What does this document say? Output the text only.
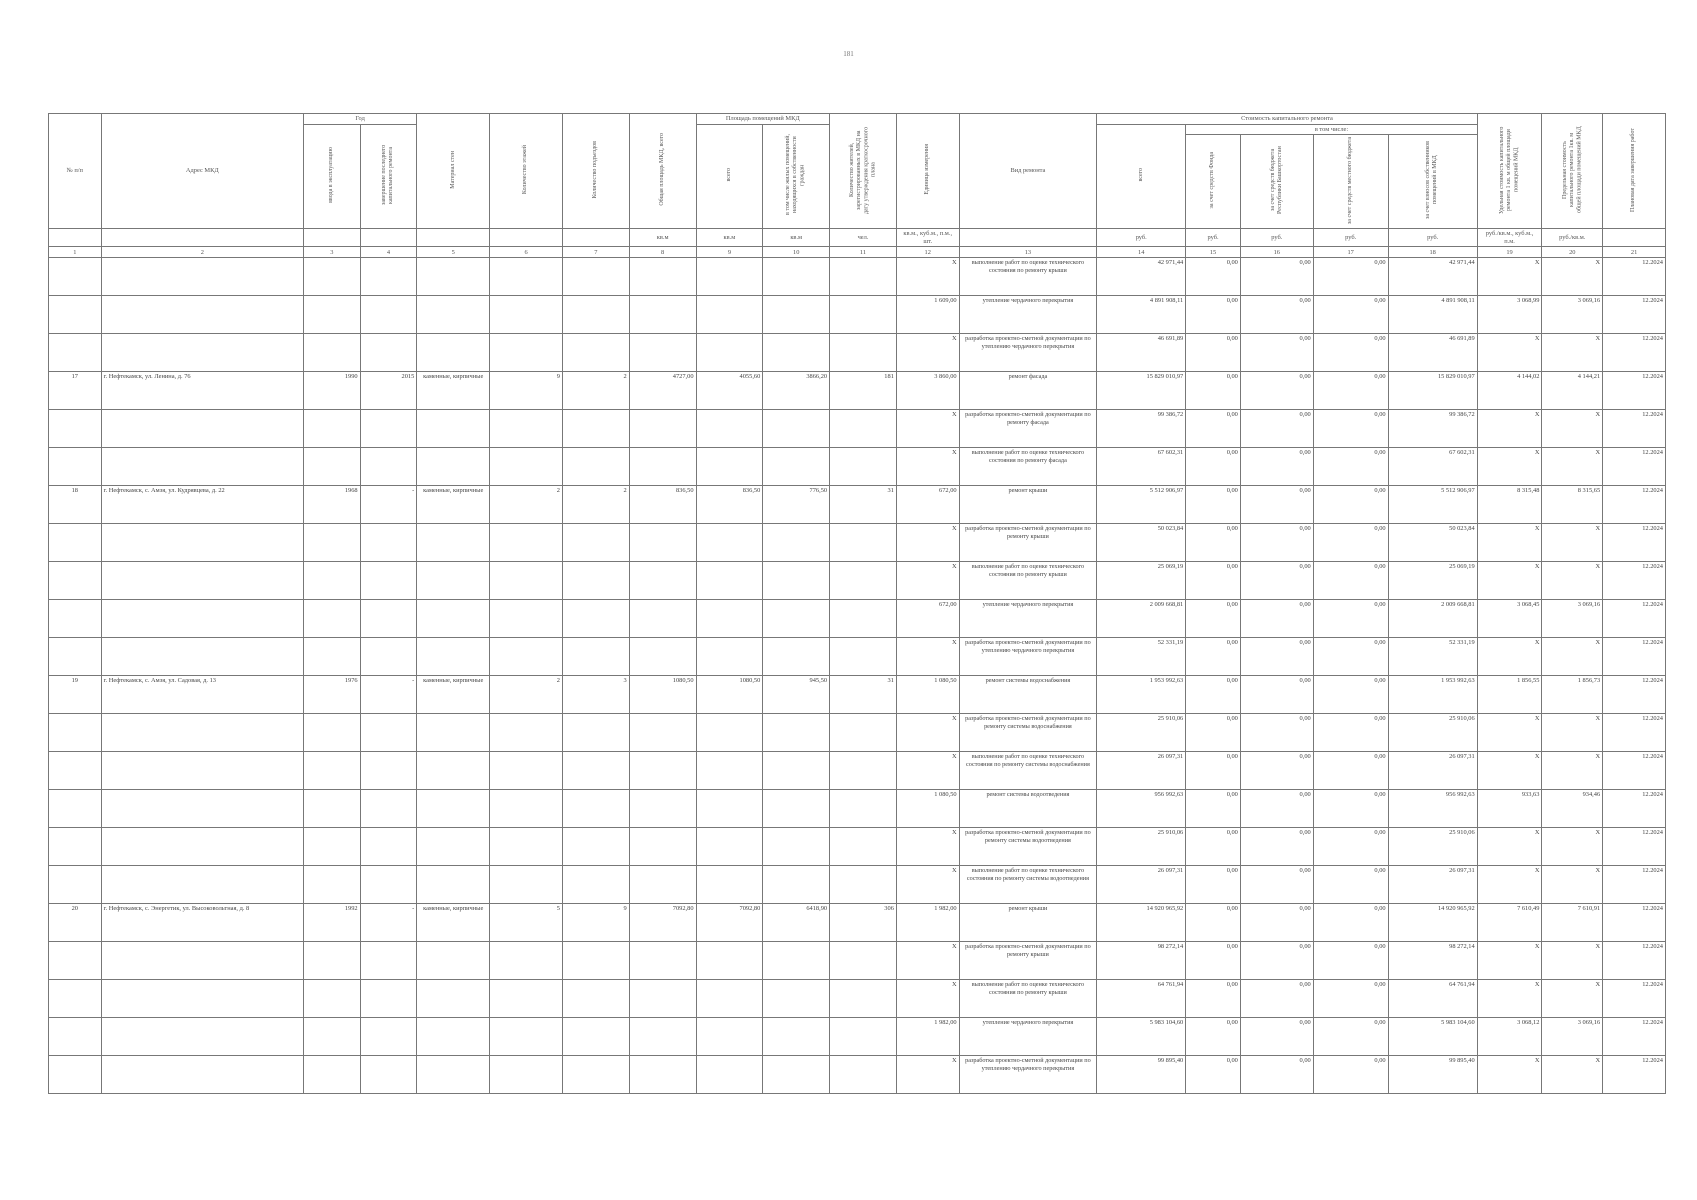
181
№ п/п	Адрес МКД	Год		Материал стен	Количество этажей	Количество подъездов	Общая площадь МКД, всего	Площадь помещений МКД		Количество жителей, зарегистрированных в МКД на дату утверждения краткосрочного плана	Единица измерения	Вид ремонта	Стоимость капитального ремонта					Удельная стоимость капитального ремонта 1 кв. м общей площади помещений МКД	Предельная стоимость капитального ремонта 1кв. м общей площади помещений МКД	Плановая дата завершения работ
		ввода в эксплуатацию	завершение последнего капитального ремонта					всего	в том числе жилых помещений, находящихся в собственности граждан				всего	в том числе:						
														за счет средств Фонда	за счет средств бюджета Республики Башкортостан	за счет средств местного бюджета	за счет взносов собственников помещений в МКД			
							кв.м	кв.м	кв.м	чел.	кв.м., куб.м., п.м., шт.		руб.	руб.	руб.	руб.	руб.	руб./кв.м., куб.м., п.м.	руб./кв.м.	
1	2	3	4	5	6	7	8	9	10	11	12	13	14	15	16	17	18	19	20	21
											X	выполнение работ по оценке технического состояния по ремонту крыши	42 971,44	0,00	0,00	0,00	42 971,44	X	X	12.2024
											1 609,00	утепление чердачного перекрытия	4 891 908,11	0,00	0,00	0,00	4 891 908,11	3 068,99	3 069,16	12.2024
											X	разработка проектно-сметной документации по утеплению чердачного перекрытия	46 691,89	0,00	0,00	0,00	46 691,89	X	X	12.2024
17	г. Нефтекамск, ул. Ленина, д. 76	1990	2015	каменные, кирпичные	9	2	4727,00	4055,60	3866,20	181	3 860,00	ремонт фасада	15 829 010,97	0,00	0,00	0,00	15 829 010,97	4 144,02	4 144,21	12.2024
											X	разработка проектно-сметной документации по ремонту фасада	99 386,72	0,00	0,00	0,00	99 386,72	X	X	12.2024
											X	выполнение работ по оценке технического состояния по ремонту фасада	67 602,31	0,00	0,00	0,00	67 602,31	X	X	12.2024
18	г. Нефтекамск, с. Амзя, ул. Кудрявцева, д. 22	1968	-	каменные, кирпичные	2	2	836,50	836,50	776,50	31	672,00	ремонт крыши	5 512 906,97	0,00	0,00	0,00	5 512 906,97	8 315,48	8 315,65	12.2024
											X	разработка проектно-сметной документации по ремонту крыши	50 023,84	0,00	0,00	0,00	50 023,84	X	X	12.2024
											X	выполнение работ по оценке технического состояния по ремонту крыши	25 069,19	0,00	0,00	0,00	25 069,19	X	X	12.2024
											672,00	утепление чердачного перекрытия	2 009 668,81	0,00	0,00	0,00	2 009 668,81	3 068,45	3 069,16	12.2024
											X	разработка проектно-сметной документации по утеплению чердачного перекрытия	52 331,19	0,00	0,00	0,00	52 331,19	X	X	12.2024
19	г. Нефтекамск, с. Амзя, ул. Садовая, д. 13	1976	-	каменные, кирпичные	2	3	1080,50	1080,50	945,50	31	1 080,50	ремонт системы водоснабжения	1 953 992,63	0,00	0,00	0,00	1 953 992,63	1 856,55	1 856,73	12.2024
											X	разработка проектно-сметной документации по ремонту системы водоснабжения	25 910,06	0,00	0,00	0,00	25 910,06	X	X	12.2024
											X	выполнение работ по оценке технического состояния по ремонту системы водоснабжения	26 097,31	0,00	0,00	0,00	26 097,31	X	X	12.2024
											1 080,50	ремонт системы водоотведения	956 992,63	0,00	0,00	0,00	956 992,63	933,63	934,46	12.2024
											X	разработка проектно-сметной документации по ремонту системы водоотведения	25 910,06	0,00	0,00	0,00	25 910,06	X	X	12.2024
											X	выполнение работ по оценке технического состояния по ремонту системы водоотведения	26 097,31	0,00	0,00	0,00	26 097,31	X	X	12.2024
20	г. Нефтекамск, с. Энергетик, ул. Высоковольтная, д. 8	1992	-	каменные, кирпичные	5	9	7092,80	7092,80	6418,90	306	1 982,00	ремонт крыши	14 920 965,92	0,00	0,00	0,00	14 920 965,92	7 610,49	7 610,91	12.2024
											X	разработка проектно-сметной документации по ремонту крыши	98 272,14	0,00	0,00	0,00	98 272,14	X	X	12.2024
											X	выполнение работ по оценке технического состояния по ремонту крыши	64 761,94	0,00	0,00	0,00	64 761,94	X	X	12.2024
											1 982,00	утепление чердачного перекрытия	5 983 104,60	0,00	0,00	0,00	5 983 104,60	3 068,12	3 069,16	12.2024
											X	разработка проектно-сметной документации по утеплению чердачного перекрытия	99 895,40	0,00	0,00	0,00	99 895,40	X	X	12.2024
